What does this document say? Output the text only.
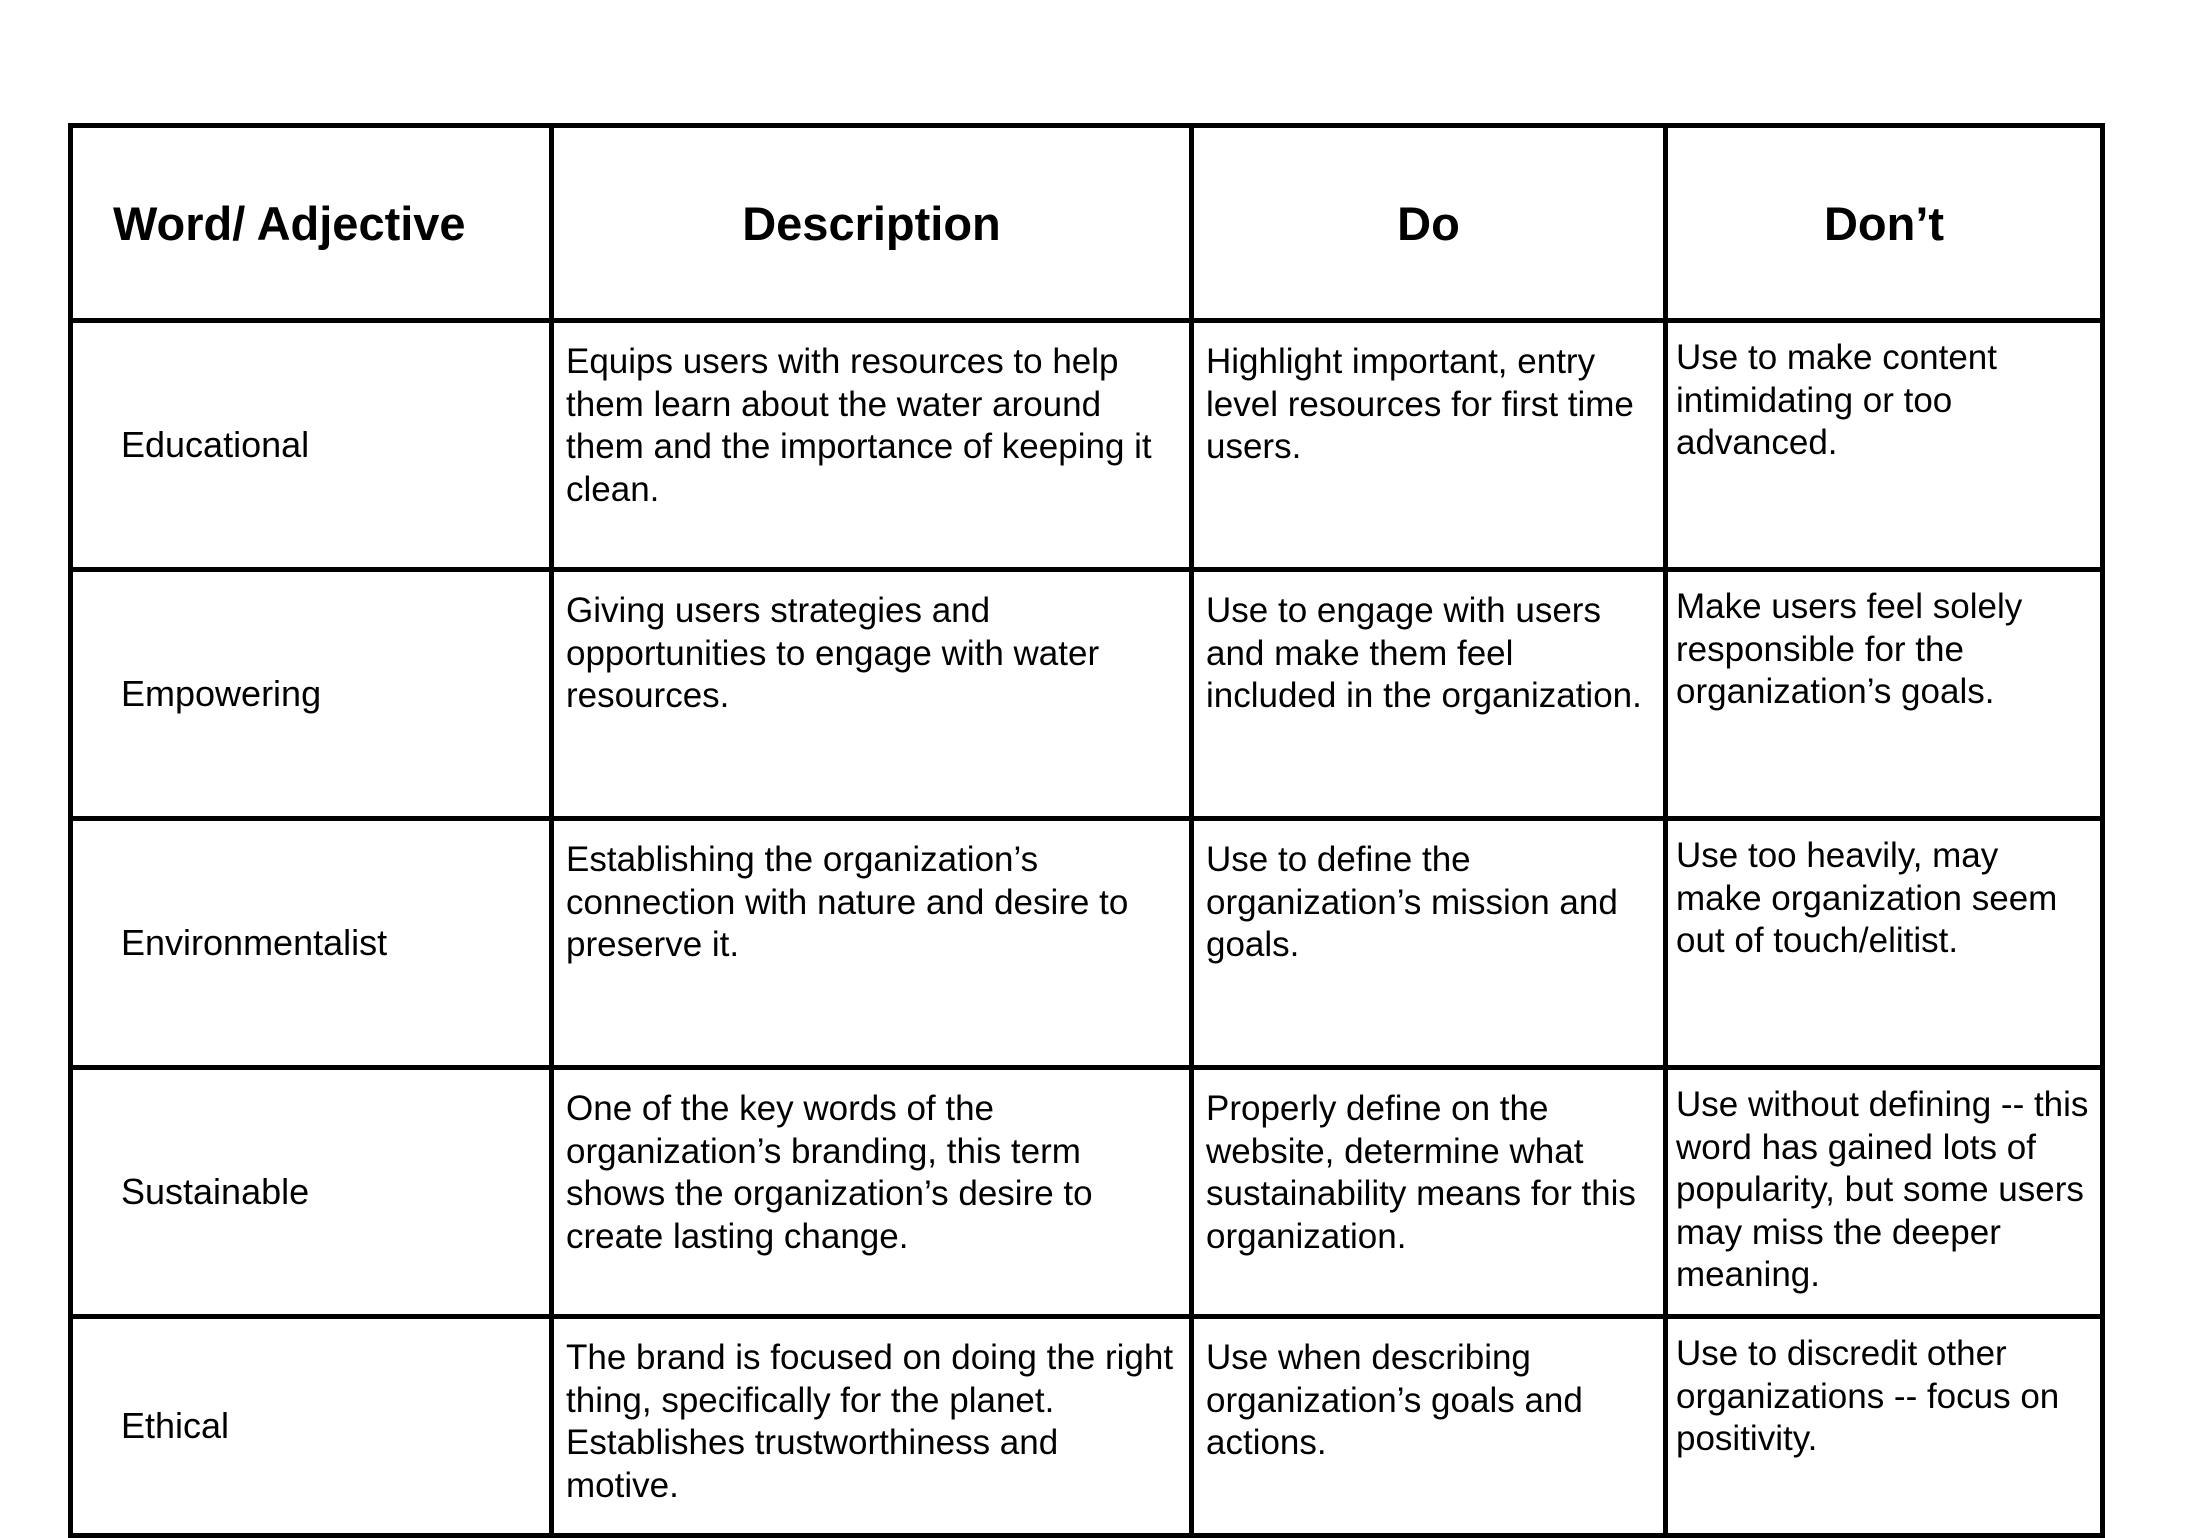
Word/ Adjective	Description	Do	Don’t
Educational	Equips users with resources to help them learn about the water around them and the importance of keeping it clean.	Highlight important, entry level resources for first time users.	Use to make content intimidating or too advanced.
Empowering	Giving users strategies and opportunities to engage with water resources.	Use to engage with users and make them feel included in the organization.	Make users feel solely responsible for the organization’s goals.
Environmentalist	Establishing the organization’s connection with nature and desire to preserve it.	Use to define the organization’s mission and goals.	Use too heavily, may make organization seem out of touch/elitist.
Sustainable	One of the key words of the organization’s branding, this term shows the organization’s desire to create lasting change.	Properly define on the website, determine what sustainability means for this organization.	Use without defining -- this word has gained lots of popularity, but some users may miss the deeper meaning.
Ethical	The brand is focused on doing the right thing, specifically for the planet. Establishes trustworthiness and motive.	Use when describing organization’s goals and actions.	Use to discredit other organizations -- focus on positivity.
